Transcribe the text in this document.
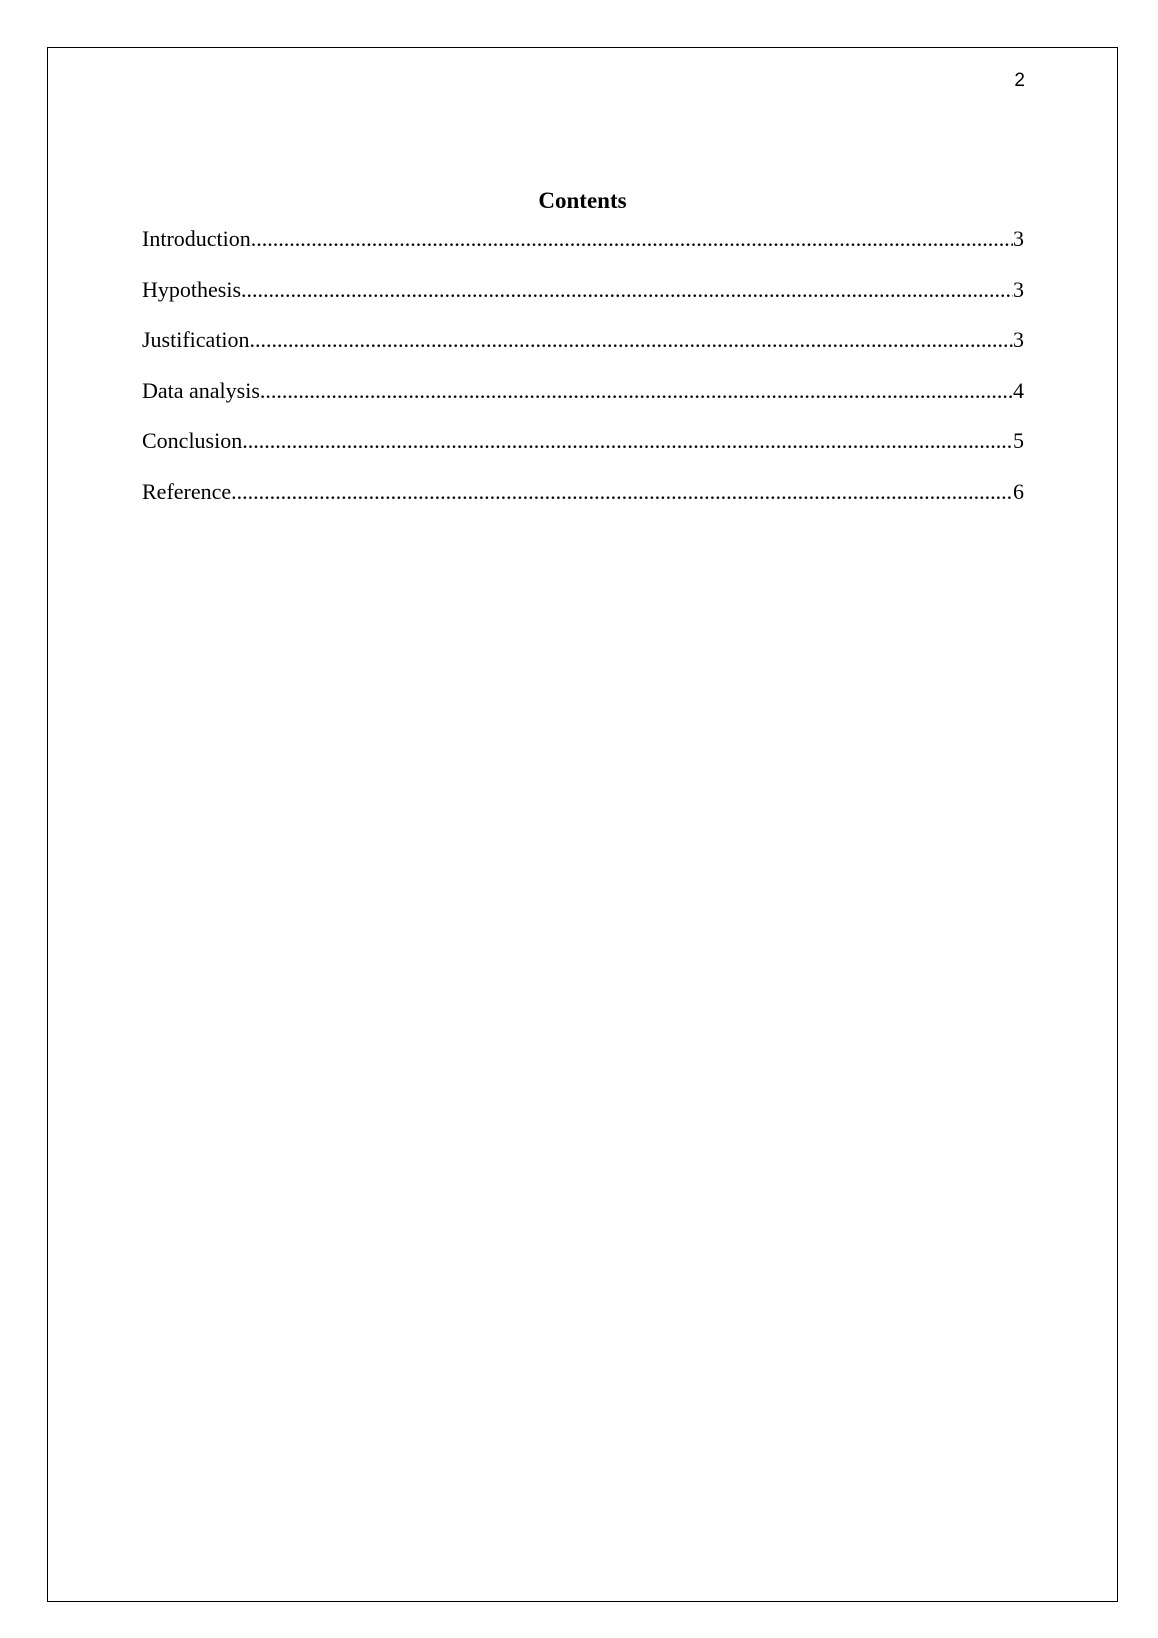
2
Contents
Introduction .....	3
Hypothesis .....	3
Justification .....	3
Data analysis .....	4
Conclusion .....	5
Reference .....	6
